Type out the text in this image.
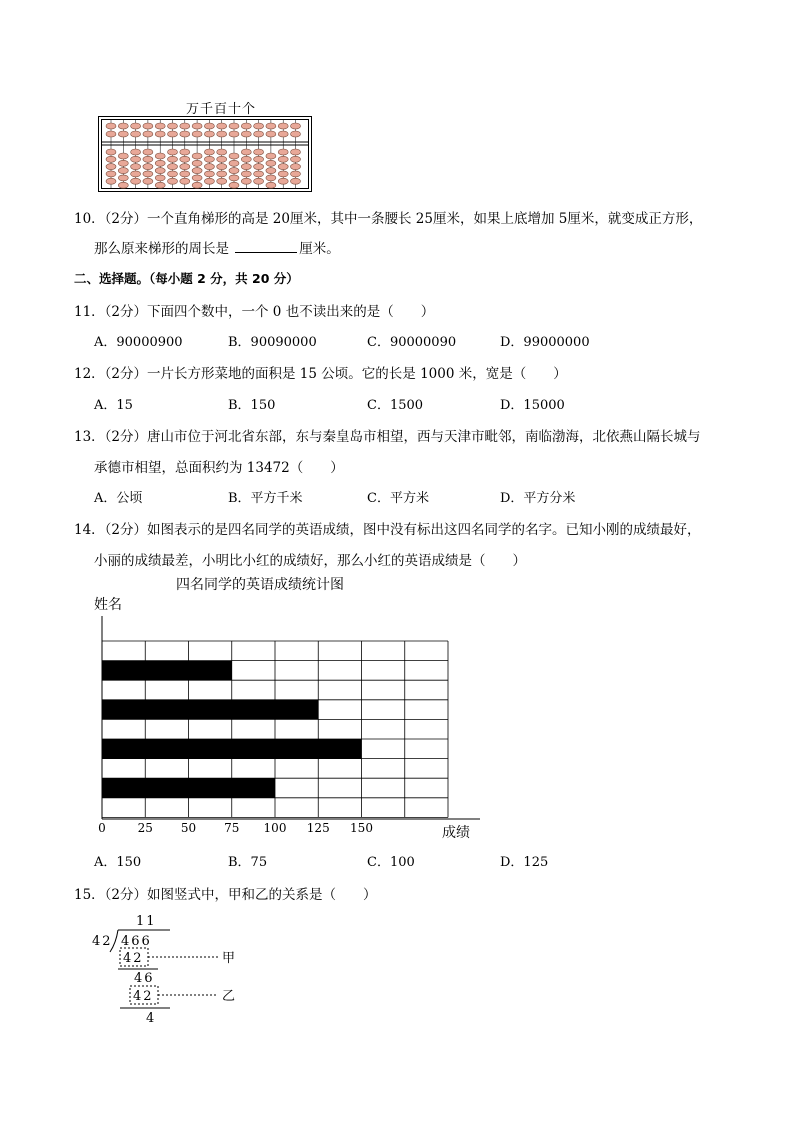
万千百十个
10．（2分）一个直角梯形的高是 20厘米，其中一条腰长 25厘米，如果上底增加 5厘米，就变成正方形，
那么原来梯形的周长是	厘米。
二、选择题。（每小题 2 分，共 20 分）
11．（2分）下面四个数中，一个 0 也不读出来的是（　　）
A．90000900	B．90090000	C．90000090	D．99000000
12．（2分）一片长方形菜地的面积是 15 公顷。它的长是 1000 米，宽是（　　）
A．15	B．150	C．1500	D．15000
13．（2分）唐山市位于河北省东部，东与秦皇岛市相望，西与天津市毗邻，南临渤海，北依燕山隔长城与
承德市相望，总面积约为 13472（　　）
A．公顷	B．平方千米	C．平方米	D．平方分米
14．（2分）如图表示的是四名同学的英语成绩，图中没有标出这四名同学的名字。已知小刚的成绩最好，
小丽的成绩最差，小明比小红的成绩好，那么小红的英语成绩是（　　）
四名同学的英语成绩统计图
姓名
0	25 50 75 100 125 150	成绩
A．150	B．75	C．100	D．125
15．（2分）如图竖式中，甲和乙的关系是（　　）
11
42 466
42	甲
46
42	乙
4
